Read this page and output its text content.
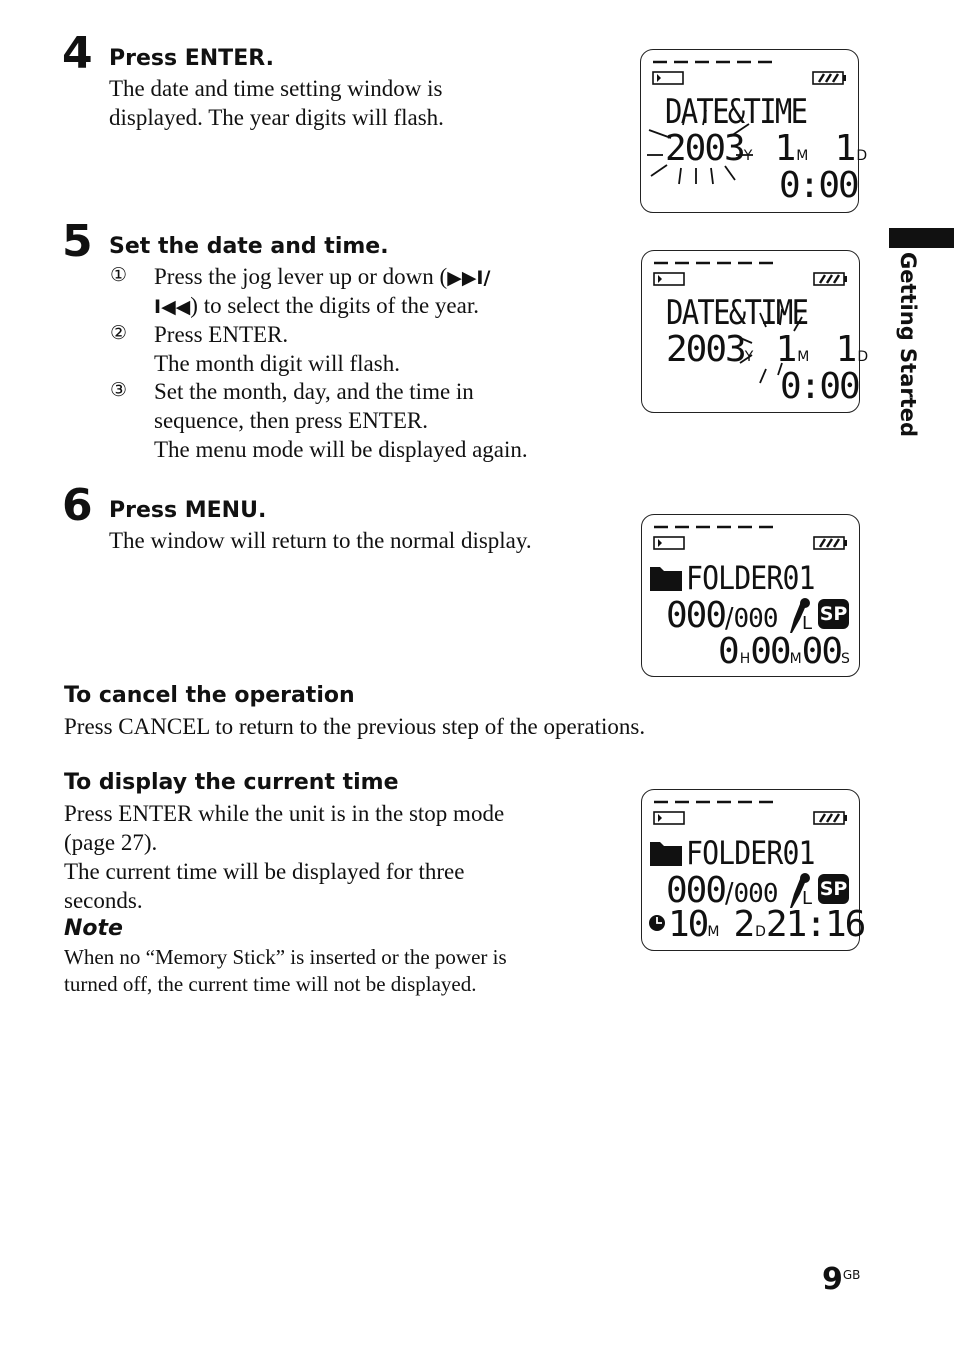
Getting Started
4 Press ENTER.
The date and time setting window is
displayed. The year digits will flash.
5 Set the date and time.
① Press the jog lever up or down (▶▶I/
I◀◀) to select the digits of the year.
② Press ENTER.
The month digit will flash.
③ Set the month, day, and the time in
sequence, then press ENTER.
The menu mode will be displayed again.
6 Press MENU.
The window will return to the normal display.
To cancel the operation
Press CANCEL to return to the previous step of the operations.
To display the current time
Press ENTER while the unit is in the stop mode
(page 27).
The current time will be displayed for three
seconds.
Note
When no “Memory Stick” is inserted or the power is
turned off, the current time will not be displayed.
DATE&TIME
2003Y 1M 1D
0:00
DATE&TIME
2003Y 1M 1D
0:00
FOLDER01
000/000 L SP
0H00M00S
FOLDER01
000/000 L SP
10M 2D21:16
$9^{GB}$
